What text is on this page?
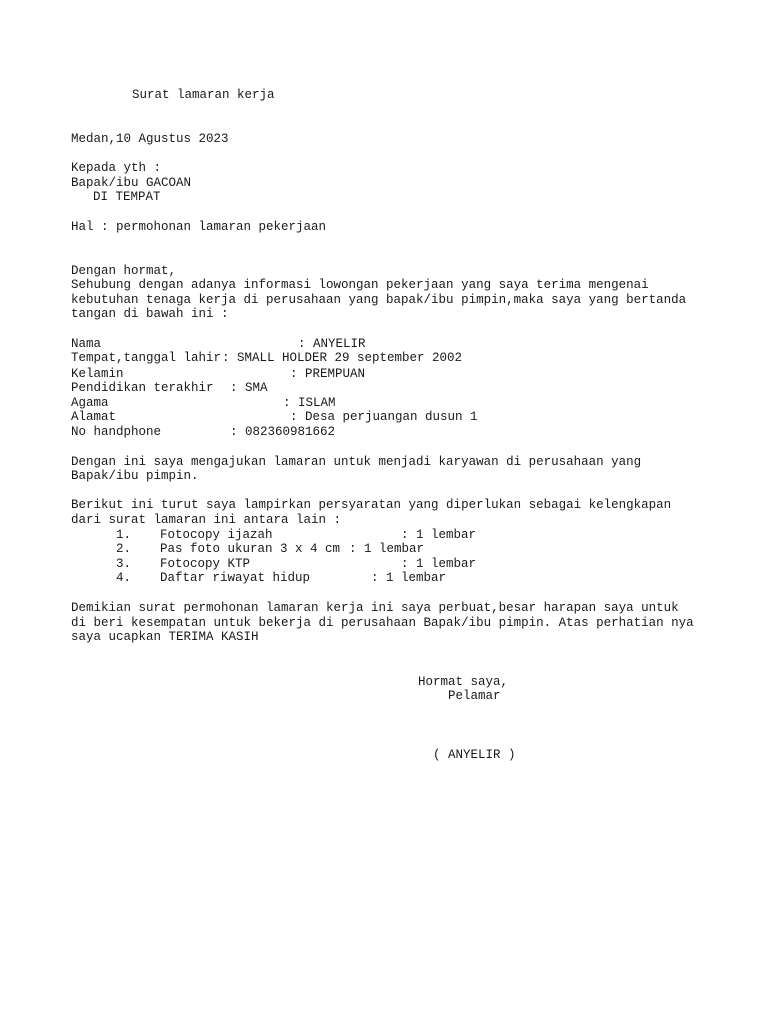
Surat lamaran kerja
Medan,10 Agustus 2023
Kepada yth :
Bapak/ibu GACOAN
DI TEMPAT
Hal : permohonan lamaran pekerjaan
Dengan hormat,
Sehubung dengan adanya informasi lowongan pekerjaan yang saya terima mengenai
kebutuhan tenaga kerja di perusahaan yang bapak/ibu pimpin,maka saya yang bertanda
tangan di bawah ini :
Nama	: ANYELIR
Tempat,tanggal lahir : SMALL HOLDER 29 september 2002
Kelamin	: PREMPUAN
Pendidikan terakhir : SMA
Agama	: ISLAM
Alamat	: Desa perjuangan dusun 1
No handphone	: 082360981662
Dengan ini saya mengajukan lamaran untuk menjadi karyawan di perusahaan yang
Bapak/ibu pimpin.
Berikut ini turut saya lampirkan persyaratan yang diperlukan sebagai kelengkapan
dari surat lamaran ini antara lain :
1. Fotocopy ijazah	: 1 lembar
2. Pas foto ukuran 3 x 4 cm : 1 lembar
3. Fotocopy KTP	: 1 lembar
4. Daftar riwayat hidup	: 1 lembar
Demikian surat permohonan lamaran kerja ini saya perbuat,besar harapan saya untuk
di beri kesempatan untuk bekerja di perusahaan Bapak/ibu pimpin. Atas perhatian nya
saya ucapkan TERIMA KASIH
Hormat saya,
Pelamar
( ANYELIR )
